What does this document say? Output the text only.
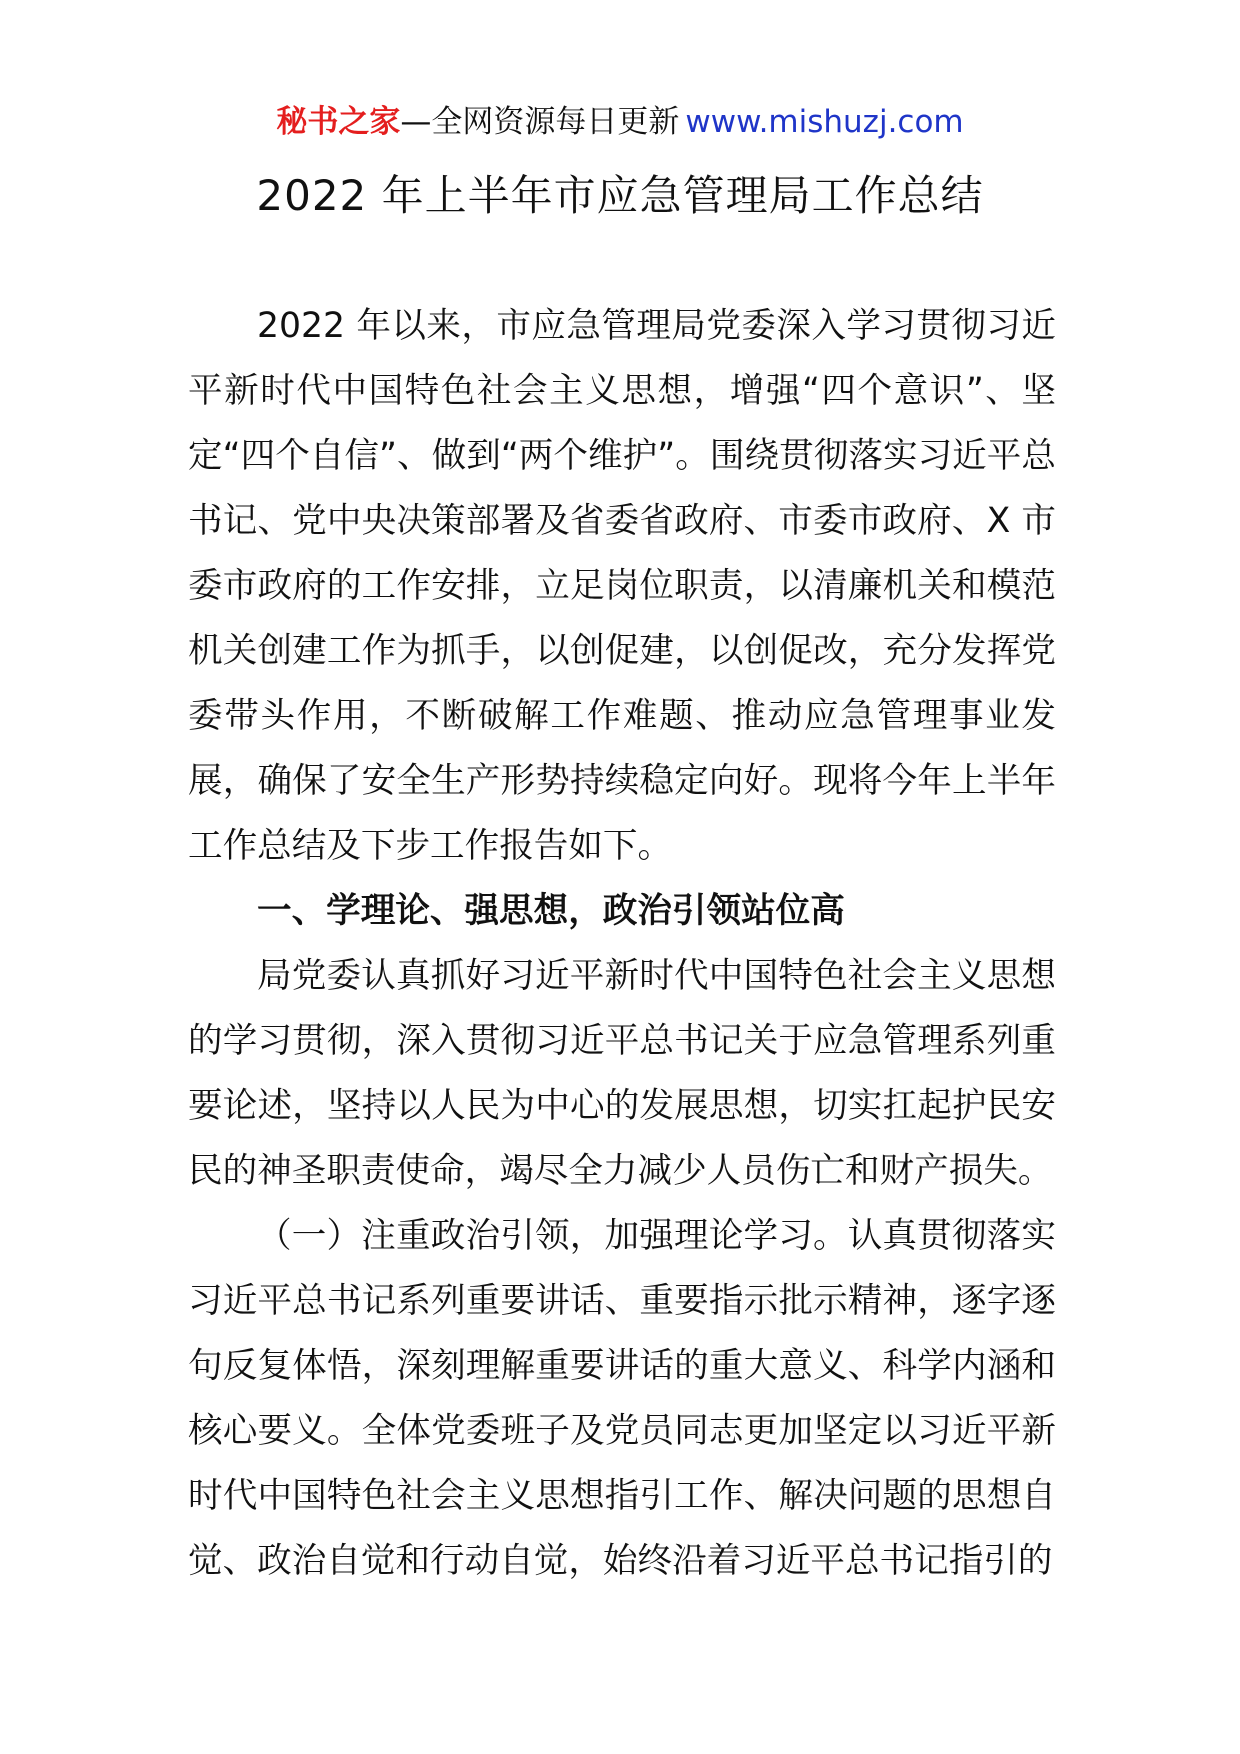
秘书之家—全网资源每日更新 www.mishuzj.com
2022 年上半年市应急管理局工作总结

2022 年以来，市应急管理局党委深入学习贯彻习近平新时代中国特色社会主义思想，增强“四个意识”、坚定“四个自信”、做到“两个维护”。围绕贯彻落实习近平总书记、党中央决策部署及省委省政府、市委市政府、X 市委市政府的工作安排，立足岗位职责，以清廉机关和模范机关创建工作为抓手，以创促建，以创促改，充分发挥党委带头作用，不断破解工作难题、推动应急管理事业发展，确保了安全生产形势持续稳定向好。现将今年上半年工作总结及下步工作报告如下。

一、学理论、强思想，政治引领站位高

局党委认真抓好习近平新时代中国特色社会主义思想的学习贯彻，深入贯彻习近平总书记关于应急管理系列重要论述，坚持以人民为中心的发展思想，切实扛起护民安民的神圣职责使命，竭尽全力减少人员伤亡和财产损失。

（一）注重政治引领，加强理论学习。认真贯彻落实习近平总书记系列重要讲话、重要指示批示精神，逐字逐句反复体悟，深刻理解重要讲话的重大意义、科学内涵和核心要义。全体党委班子及党员同志更加坚定以习近平新时代中国特色社会主义思想指引工作、解决问题的思想自觉、政治自觉和行动自觉，始终沿着习近平总书记指引的
